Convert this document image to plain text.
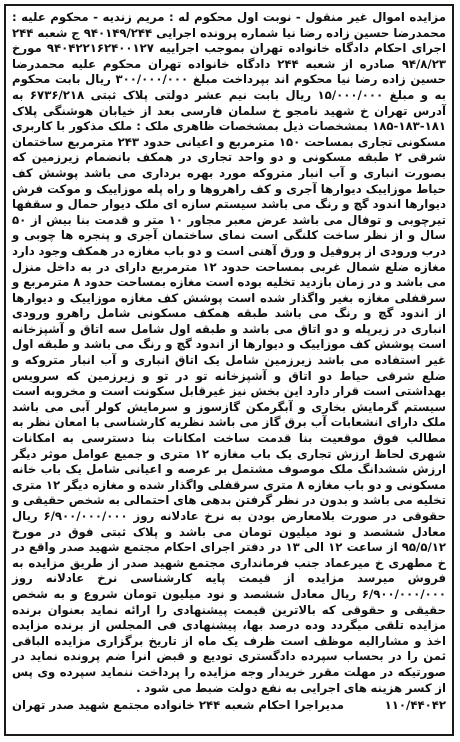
مزایده اموال غیر منقول - نوبت اول محکوم له : مریم زندیه - محکوم علیه : محمدرضا حسین زاده رضا نیا شماره پرونده اجرایی ۹۴۰۱۴۹/۲۴۴ ج شعبه ۲۴۴ اجرای احکام دادگاه خانواده تهران بموجب اجراییه ۹۴۰۴۲۲۱۶۲۴۰۰۱۲۷ مورخ ۹۴/۸/۲۳ صادره از شعبه ۲۴۴ دادگاه خانواده تهران محکوم علیه محمدرضا حسین زاده رضا نیا محکوم اند بپرداخت مبلغ ۳۰۰/۰۰۰/۰۰۰ ریال بابت محکوم به و مبلغ ۱۵/۰۰۰/۰۰۰ ریال بابت نیم عشر دولتی پلاک ثبتی ۶۷۳۶/۲۱۸ به آدرس تهران خ شهید نامجو خ سلمان فارسی بعد از خیابان هوشنگی پلاک ۱۸۱-۱۸۳-۱۸۵ بمشخصات ذیل بمشخصات ظاهری ملک : ملک مذکور با کاربری مسکونی تجاری بمساحت ۱۵۰ مترمربع و اعیانی حدود ۲۴۳ مترمربع ساختمان شرقی ۲ طبقه مسکونی و دو واحد تجاری در همکف بانضمام زیرزمین که بصورت انباری و آب انبار متروکه مورد بهره برداری می باشد پوشش کف حیاط موزاییک دیوارها آجری و کف راهروها و راه پله موزاییک و موکت فرش دیوارها اندود گچ و رنگ می باشد سیستم سازه ای ملک دیوار حمال و سقفها تیرچوبی و توفال می باشد عرض معبر مجاور ۱۰ متر و قدمت بنا بیش از ۵۰ سال و از نظر ساخت کلنگی است نمای ساختمان آجری و پنجره ها چوبی و درب ورودی از پروفیل و ورق آهنی است و دو باب مغازه در همکف وجود دارد مغازه ضلع شمال غربی بمساحت حدود ۱۲ مترمربع دارای در به داخل منزل می باشد و در زمان بازدید تخلیه بوده است مغازه بمساحت حدود ۸ مترمربع و سرقفلی مغازه بغیر واگذار شده است پوشش کف مغازه موزاییک و دیوارها از اندود گچ و رنگ می باشد طبقه همکف مسکونی شامل راهرو ورودی انباری در زیرپله و دو اتاق می باشد و طبقه اول شامل سه اتاق و آشپزخانه است پوشش کف موزاییک و دیوارها از اندود گچ و رنگ می باشد و طبقه اول غیر استفاده می باشد زیرزمین شامل یک اتاق انباری و آب انبار متروکه و ضلع شرقی حیاط دو اتاق و آشپزخانه تو در تو و زیرزمین که سرویس بهداشتی است قرار دارد این بخش نیز غیرقابل سکونت است و مخروبه است سیستم گرمایش بخاری و آبگرمکن گازسوز و سرمایش کولر آبی می باشد ملک دارای انشعابات آب برق گاز می باشد نظریه کارشناسی با امعان نظر به مطالب فوق موقعیت بنا قدمت ساخت امکانات بنا دسترسی به امکانات شهری لحاظ ارزش تجاری یک باب مغازه ۱۲ متری و جمیع عوامل موثر دیگر ارزش ششدانگ ملک موصوف مشتمل بر عرصه و اعیانی شامل یک باب خانه مسکونی و دو باب مغازه ۸ متری سرقفلی واگذار شده و مغازه دیگر ۱۲ متری تخلیه می باشد و بدون در نظر گرفتن بدهی های احتمالی به شخص حقیقی و حقوقی در صورت بلامعارض بودن به نرخ عادلانه روز ۶/۹۰۰/۰۰۰/۰۰۰ ریال معادل ششصد و نود میلیون تومان می باشد و پلاک ثبتی فوق در مورخ ۹۵/۵/۱۲ از ساعت ۱۲ الی ۱۳ در دفتر اجرای احکام مجتمع شهید صدر واقع در خ مطهری خ میرعماد جنب فرمانداری مجتمع شهید صدر از طریق مزایده به فروش میرسد مزایده از قیمت پایه کارشناسی نرخ عادلانه روز ۶/۹۰۰/۰۰۰/۰۰۰ ریال معادل ششصد و نود میلیون تومان شروع و به شخص حقیقی و حقوقی که بالاترین قیمت پیشنهادی را ارائه نماید بعنوان برنده مزایده تلقی میگردد وده درصد بها، پیشنهادی فی المجلس از برنده مزایده اخذ و مشارالیه موظف است ظرف یک ماه از تاریخ برگزاری مزایده الباقی ثمن را در بحساب سپرده دادگستری تودیع و قبض انرا ضم پرونده نماید در صورتیکه در مهلت مقرر خریدار وجه مزایده را پرداخت ننماید سپرده وی پس از کسر هزینه های اجرایی به نفع دولت ضبط می شود .

۱۱۰/۴۴۰۴۲
مدیراجرا احکام شعبه ۲۴۴ خانواده مجتمع شهید صدر تهران
